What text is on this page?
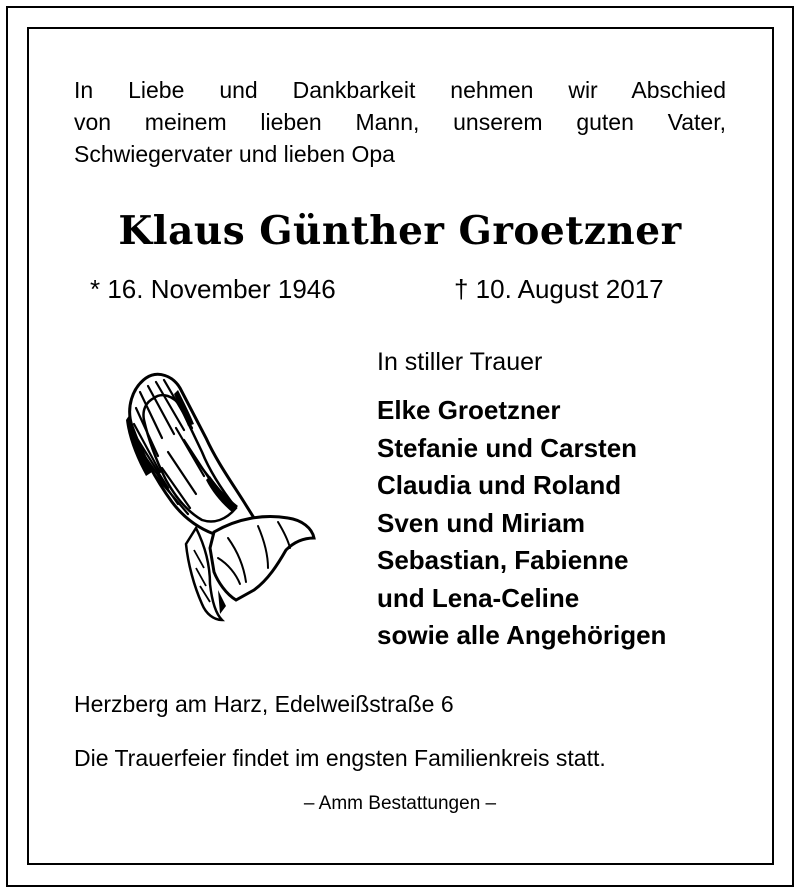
In Liebe und Dankbarkeit nehmen wir Abschied
von meinem lieben Mann, unserem guten Vater,
Schwiegervater und lieben Opa
Klaus Günther Groetzner
* 16. November 1946	† 10. August 2017
In stiller Trauer
Elke Groetzner
Stefanie und Carsten
Claudia und Roland
Sven und Miriam
Sebastian, Fabienne
und Lena-Celine
sowie alle Angehörigen
Herzberg am Harz, Edelweißstraße 6
Die Trauerfeier findet im engsten Familienkreis statt.
– Amm Bestattungen –
